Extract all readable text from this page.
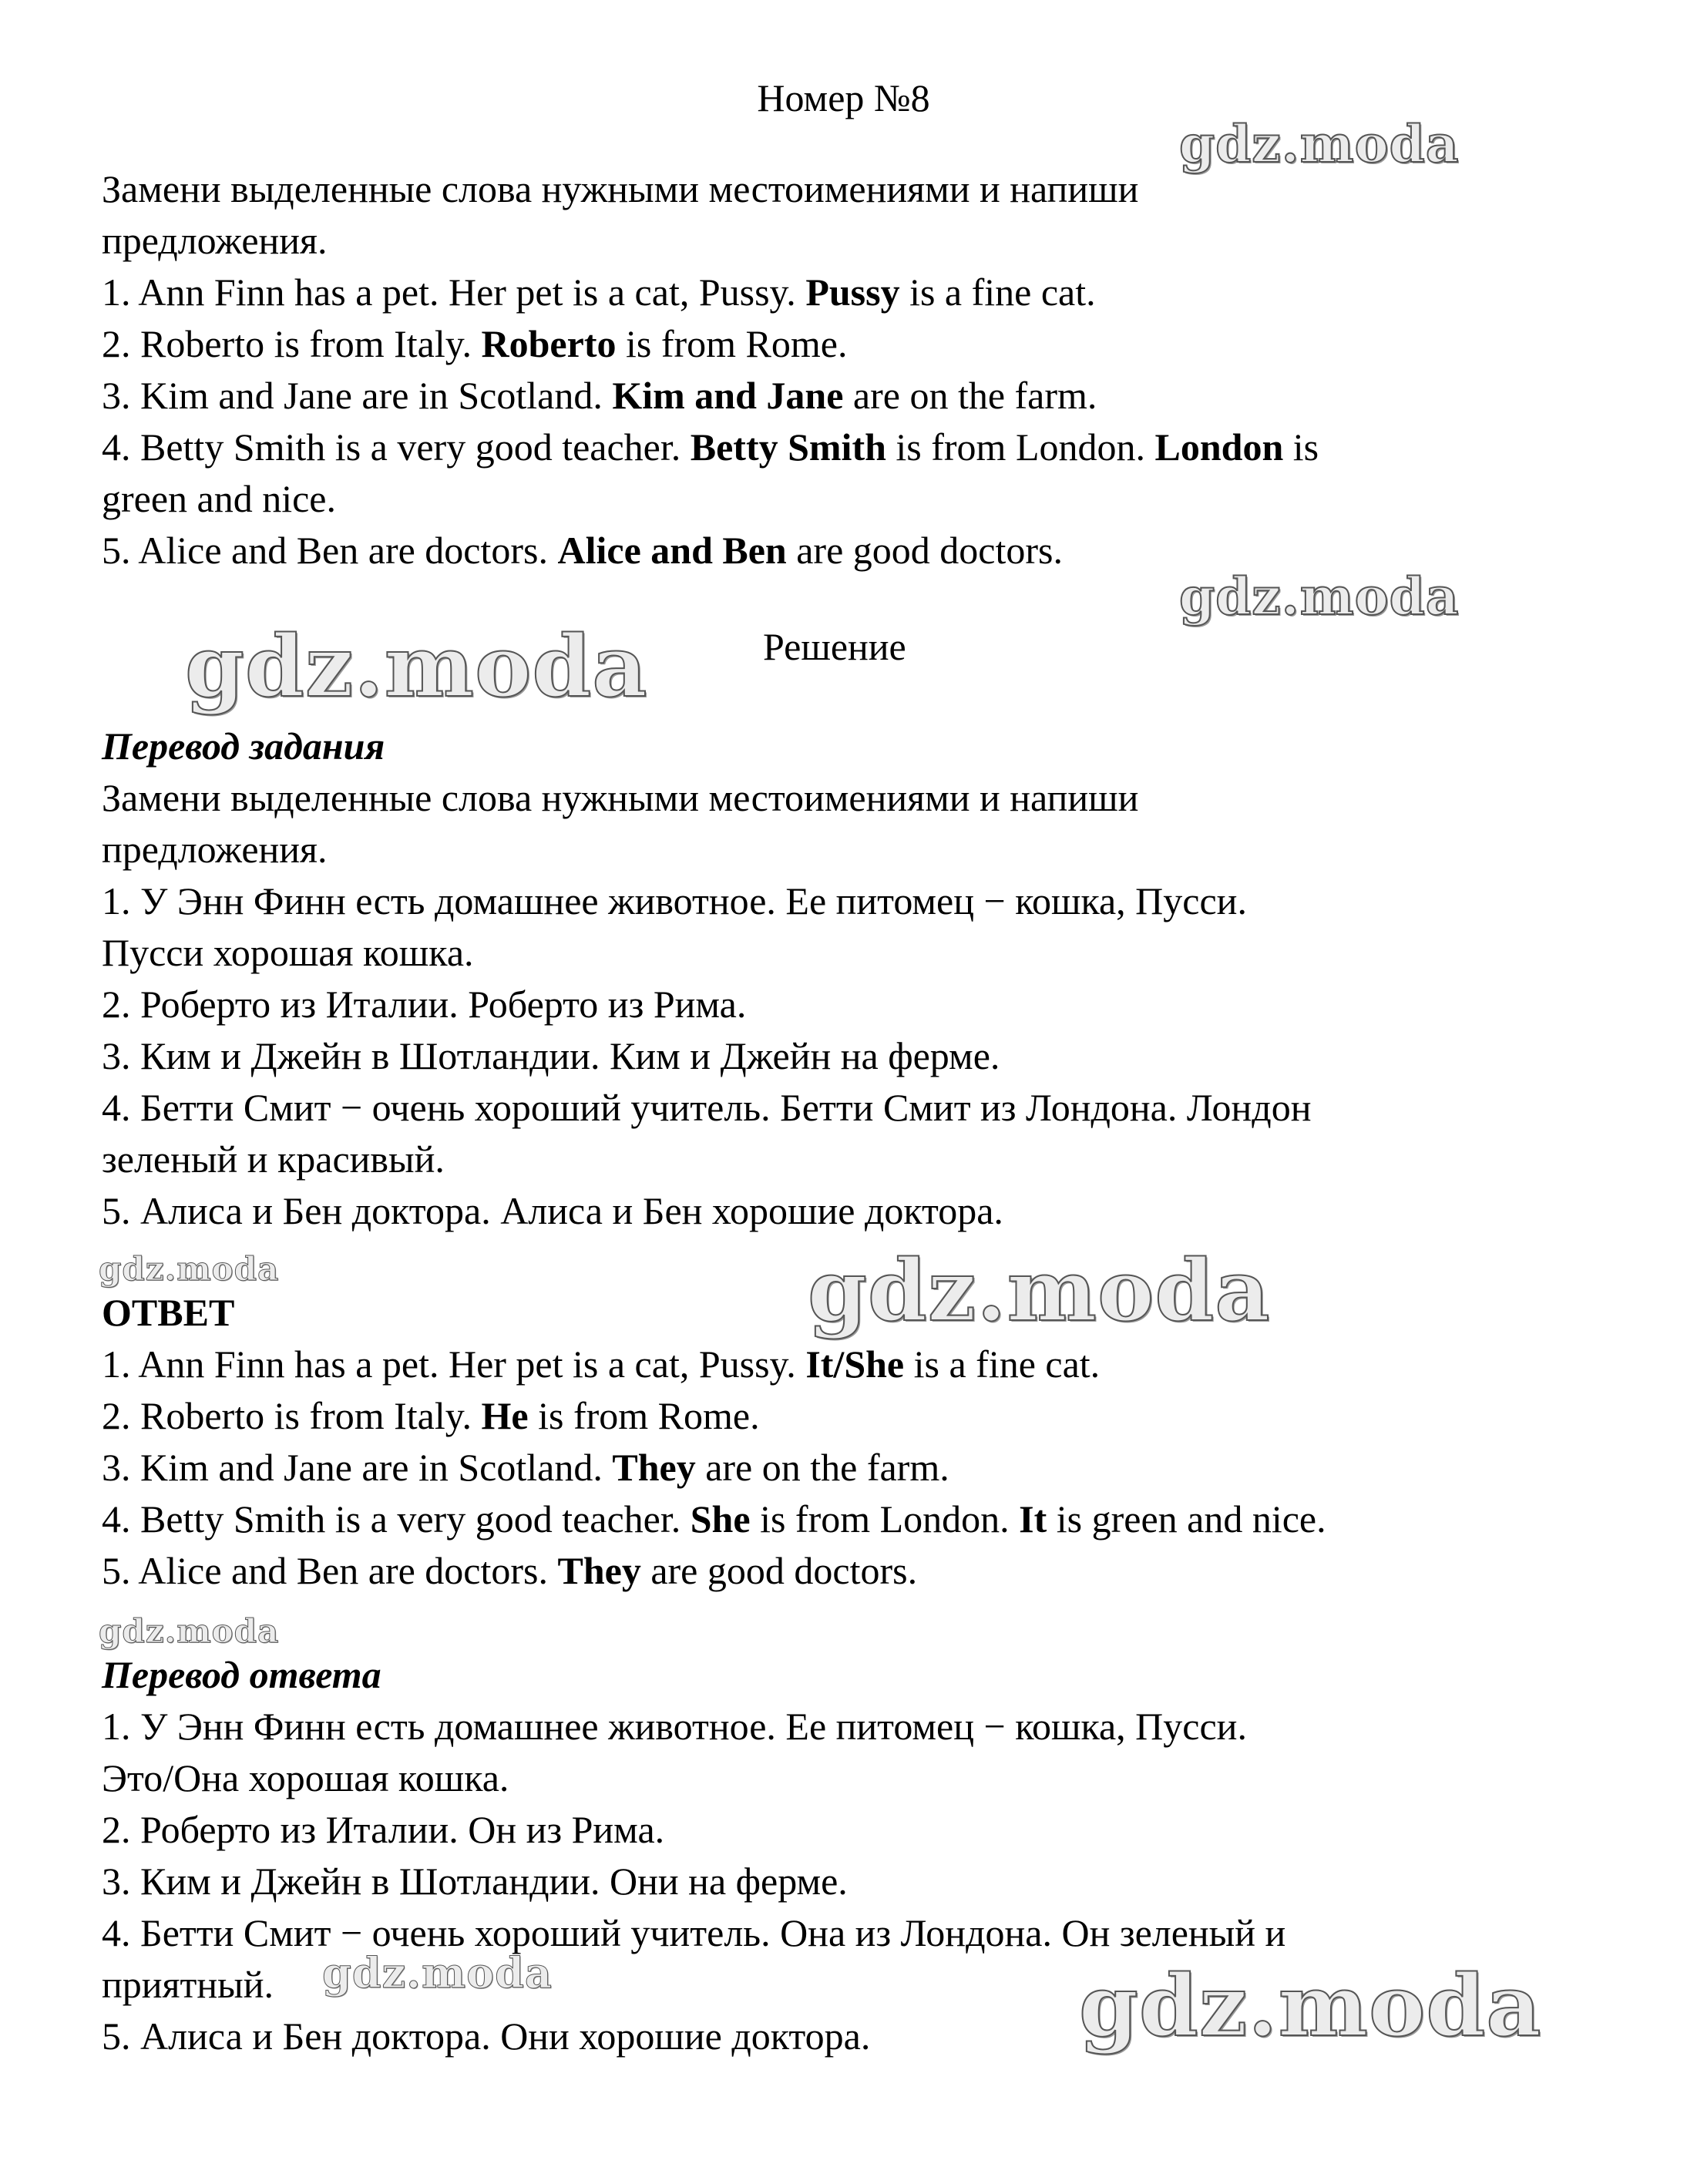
Номер №8
Замени выделенные слова нужными местоимениями и напиши
предложения.
1. Ann Finn has a pet. Her pet is a cat, Pussy. Pussy is a fine cat.
2. Roberto is from Italy. Roberto is from Rome.
3. Kim and Jane are in Scotland. Kim and Jane are on the farm.
4. Betty Smith is a very good teacher. Betty Smith is from London. London is
green and nice.
5. Alice and Ben are doctors. Alice and Ben are good doctors.
Решение
Перевод задания
Замени выделенные слова нужными местоимениями и напиши
предложения.
1. У Энн Финн есть домашнее животное. Ее питомец − кошка, Пусси.
Пусси хорошая кошка.
2. Роберто из Италии. Роберто из Рима.
3. Ким и Джейн в Шотландии. Ким и Джейн на ферме.
4. Бетти Смит − очень хороший учитель. Бетти Смит из Лондона. Лондон
зеленый и красивый.
5. Алиса и Бен доктора. Алиса и Бен хорошие доктора.
ОТВЕТ
1. Ann Finn has a pet. Her pet is a cat, Pussy. It/She is a fine cat.
2. Roberto is from Italy. He is from Rome.
3. Kim and Jane are in Scotland. They are on the farm.
4. Betty Smith is a very good teacher. She is from London. It is green and nice.
5. Alice and Ben are doctors. They are good doctors.
Перевод ответа
1. У Энн Финн есть домашнее животное. Ее питомец − кошка, Пусси.
Это/Она хорошая кошка.
2. Роберто из Италии. Он из Рима.
3. Ким и Джейн в Шотландии. Они на ферме.
4. Бетти Смит − очень хороший учитель. Она из Лондона. Он зеленый и
приятный.
5. Алиса и Бен доктора. Они хорошие доктора.
gdz.moda
gdz.moda
gdz.moda
gdz.moda	gdz.moda
gdz.moda
gdz.moda	gdz.moda
